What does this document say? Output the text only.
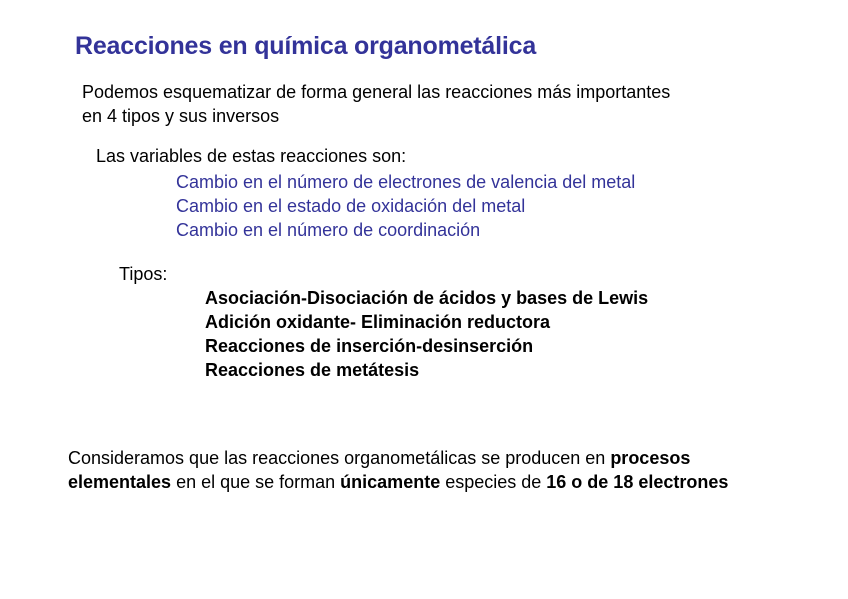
Reacciones en química organometálica
Podemos esquematizar de forma general las reacciones más importantes
en 4 tipos y sus inversos
Las variables de estas reacciones son:
Cambio en el número de electrones de valencia del metal
Cambio en el estado de oxidación del metal
Cambio en el número de coordinación
Tipos:
Asociación-Disociación de ácidos y bases de Lewis
Adición oxidante- Eliminación reductora
Reacciones de inserción-desinserción
Reacciones de metátesis
Consideramos que las reacciones organometálicas se producen en procesos elementales en el que se forman únicamente especies de 16 o de 18 electrones
